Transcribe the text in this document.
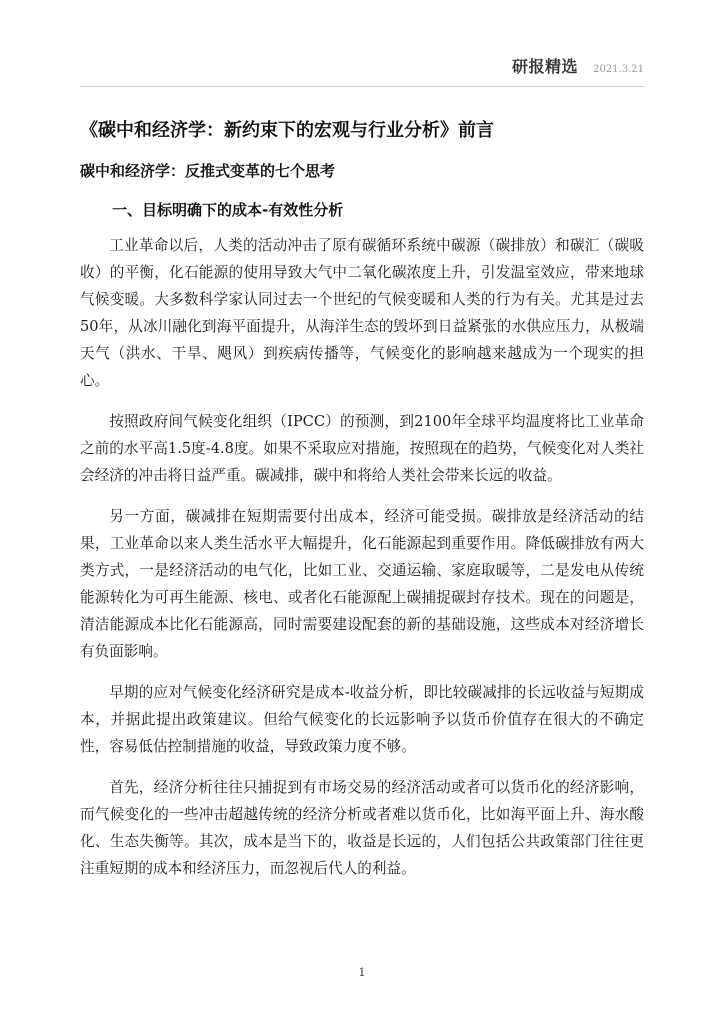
研报精选 2021.3.21
《碳中和经济学：新约束下的宏观与行业分析》前言
碳中和经济学：反推式变革的七个思考
一、目标明确下的成本-有效性分析

工业革命以后，人类的活动冲击了原有碳循环系统中碳源（碳排放）和碳汇（碳吸收）的平衡，化石能源的使用导致大气中二氧化碳浓度上升，引发温室效应，带来地球气候变暖。大多数科学家认同过去一个世纪的气候变暖和人类的行为有关。尤其是过去50年，从冰川融化到海平面提升，从海洋生态的毁坏到日益紧张的水供应压力，从极端天气（洪水、干旱、飓风）到疾病传播等，气候变化的影响越来越成为一个现实的担心。

按照政府间气候变化组织（IPCC）的预测，到2100年全球平均温度将比工业革命之前的水平高1.5度-4.8度。如果不采取应对措施，按照现在的趋势，气候变化对人类社会经济的冲击将日益严重。碳减排，碳中和将给人类社会带来长远的收益。

另一方面，碳减排在短期需要付出成本，经济可能受损。碳排放是经济活动的结果，工业革命以来人类生活水平大幅提升，化石能源起到重要作用。降低碳排放有两大类方式，一是经济活动的电气化，比如工业、交通运输、家庭取暖等，二是发电从传统能源转化为可再生能源、核电、或者化石能源配上碳捕捉碳封存技术。现在的问题是，清洁能源成本比化石能源高，同时需要建设配套的新的基础设施，这些成本对经济增长有负面影响。

早期的应对气候变化经济研究是成本-收益分析，即比较碳减排的长远收益与短期成本，并据此提出政策建议。但给气候变化的长远影响予以货币价值存在很大的不确定性，容易低估控制措施的收益，导致政策力度不够。

首先，经济分析往往只捕捉到有市场交易的经济活动或者可以货币化的经济影响，而气候变化的一些冲击超越传统的经济分析或者难以货币化，比如海平面上升、海水酸化、生态失衡等。其次，成本是当下的，收益是长远的，人们包括公共政策部门往往更注重短期的成本和经济压力，而忽视后代人的利益。

1
